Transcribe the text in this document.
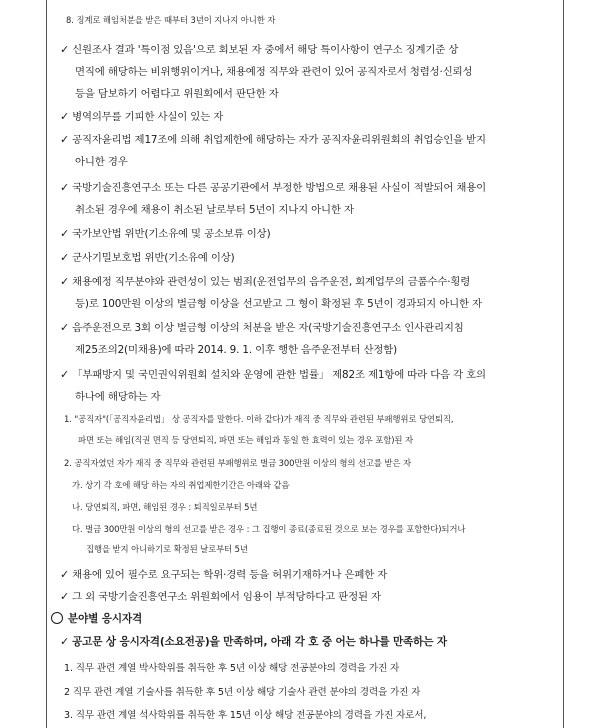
8. 징계로 해임처분을 받은 때부터 3년이 지나지 아니한 자
✓ 신원조사 결과 '특이점 있음'으로 회보된 자 중에서 해당 특이사항이 연구소 징계기준 상
면직에 해당하는 비위행위이거나, 채용예정 직무와 관련이 있어 공직자로서 청렴성·신뢰성
등을 담보하기 어렵다고 위원회에서 판단한 자
✓ 병역의무를 기피한 사실이 있는 자
✓ 공직자윤리법 제17조에 의해 취업제한에 해당하는 자가 공직자윤리위원회의 취업승인을 받지
아니한 경우
✓ 국방기술진흥연구소 또는 다른 공공기관에서 부정한 방법으로 채용된 사실이 적발되어 채용이
취소된 경우에 채용이 취소된 날로부터 5년이 지나지 아니한 자
✓ 국가보안법 위반(기소유예 및 공소보류 이상)
✓ 군사기밀보호법 위반(기소유예 이상)
✓ 채용예정 직무분야와 관련성이 있는 범죄(운전업무의 음주운전, 회계업무의 금품수수·횡령
등)로 100만원 이상의 벌금형 이상을 선고받고 그 형이 확정된 후 5년이 경과되지 아니한 자
✓ 음주운전으로 3회 이상 벌금형 이상의 처분을 받은 자(국방기술진흥연구소 인사관리지침
제25조의2(미채용)에 따라 2014. 9. 1. 이후 행한 음주운전부터 산정함)
✓ 「부패방지 및 국민권익위원회 설치와 운영에 관한 법률」 제82조 제1항에 따라 다음 각 호의
하나에 해당하는 자
1. "공직자"(「공직자윤리법」 상 공직자를 말한다. 이하 같다)가 재직 중 직무와 관련된 부패행위로 당연퇴직,
파면 또는 해임(직권 면직 등 당연퇴직, 파면 또는 해임과 동일 한 효력이 있는 경우 포함)된 자
2. 공직자였던 자가 재직 중 직무와 관련된 부패행위로 벌금 300만원 이상의 형의 선고를 받은 자
가. 상기 각 호에 해당 하는 자의 취업제한기간은 아래와 같음
나. 당연퇴직, 파면, 해임된 경우 : 퇴직일로부터 5년
다. 벌금 300만원 이상의 형의 선고를 받은 경우 : 그 집행이 종료(종료된 것으로 보는 경우를 포함한다)되거나
집행을 받지 아니하기로 확정된 날로부터 5년
✓ 채용에 있어 필수로 요구되는 학위·경력 등을 허위기재하거나 은폐한 자
✓ 그 외 국방기술진흥연구소 위원회에서 임용이 부적당하다고 판정된 자
분야별 응시자격
✓ 공고문 상 응시자격(소요전공)을 만족하며, 아래 각 호 중 어는 하나를 만족하는 자
1. 직무 관련 계열 박사학위를 취득한 후 5년 이상 해당 전공분야의 경력을 가진 자
2 직무 관련 계열 기술사를 취득한 후 5년 이상 해당 기술사 관련 분야의 경력을 가진 자
3. 직무 관련 계열 석사학위를 취득한 후 15년 이상 해당 전공분야의 경력을 가진 자로서,
